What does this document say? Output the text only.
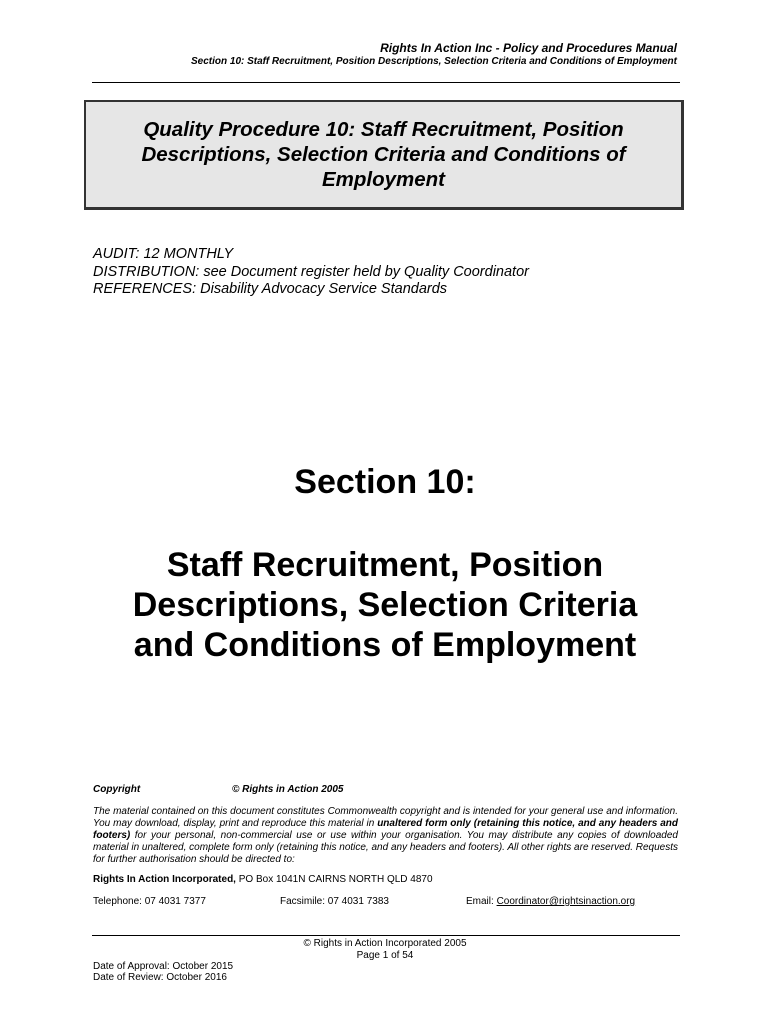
Rights In Action Inc - Policy and Procedures Manual
Section 10: Staff Recruitment, Position Descriptions, Selection Criteria and Conditions of Employment
Quality Procedure 10: Staff Recruitment, Position Descriptions, Selection Criteria and Conditions of Employment
AUDIT: 12 MONTHLY
DISTRIBUTION: see Document register held by Quality Coordinator
REFERENCES: Disability Advocacy Service Standards
Section 10:
Staff Recruitment, Position
Descriptions, Selection Criteria
and Conditions of Employment
Copyright	© Rights in Action 2005
The material contained on this document constitutes Commonwealth copyright and is intended for your general use and information. You may download, display, print and reproduce this material in unaltered form only (retaining this notice, and any headers and footers) for your personal, non-commercial use or use within your organisation. You may distribute any copies of downloaded material in unaltered, complete form only (retaining this notice, and any headers and footers). All other rights are reserved. Requests for further authorisation should be directed to:
Rights In Action Incorporated, PO Box 1041N CAIRNS NORTH QLD 4870
Telephone: 07 4031 7377	Facsimile: 07 4031 7383	Email: Coordinator@rightsinaction.org
© Rights in Action Incorporated 2005
Page 1 of 54
Date of Approval: October 2015
Date of Review: October 2016
